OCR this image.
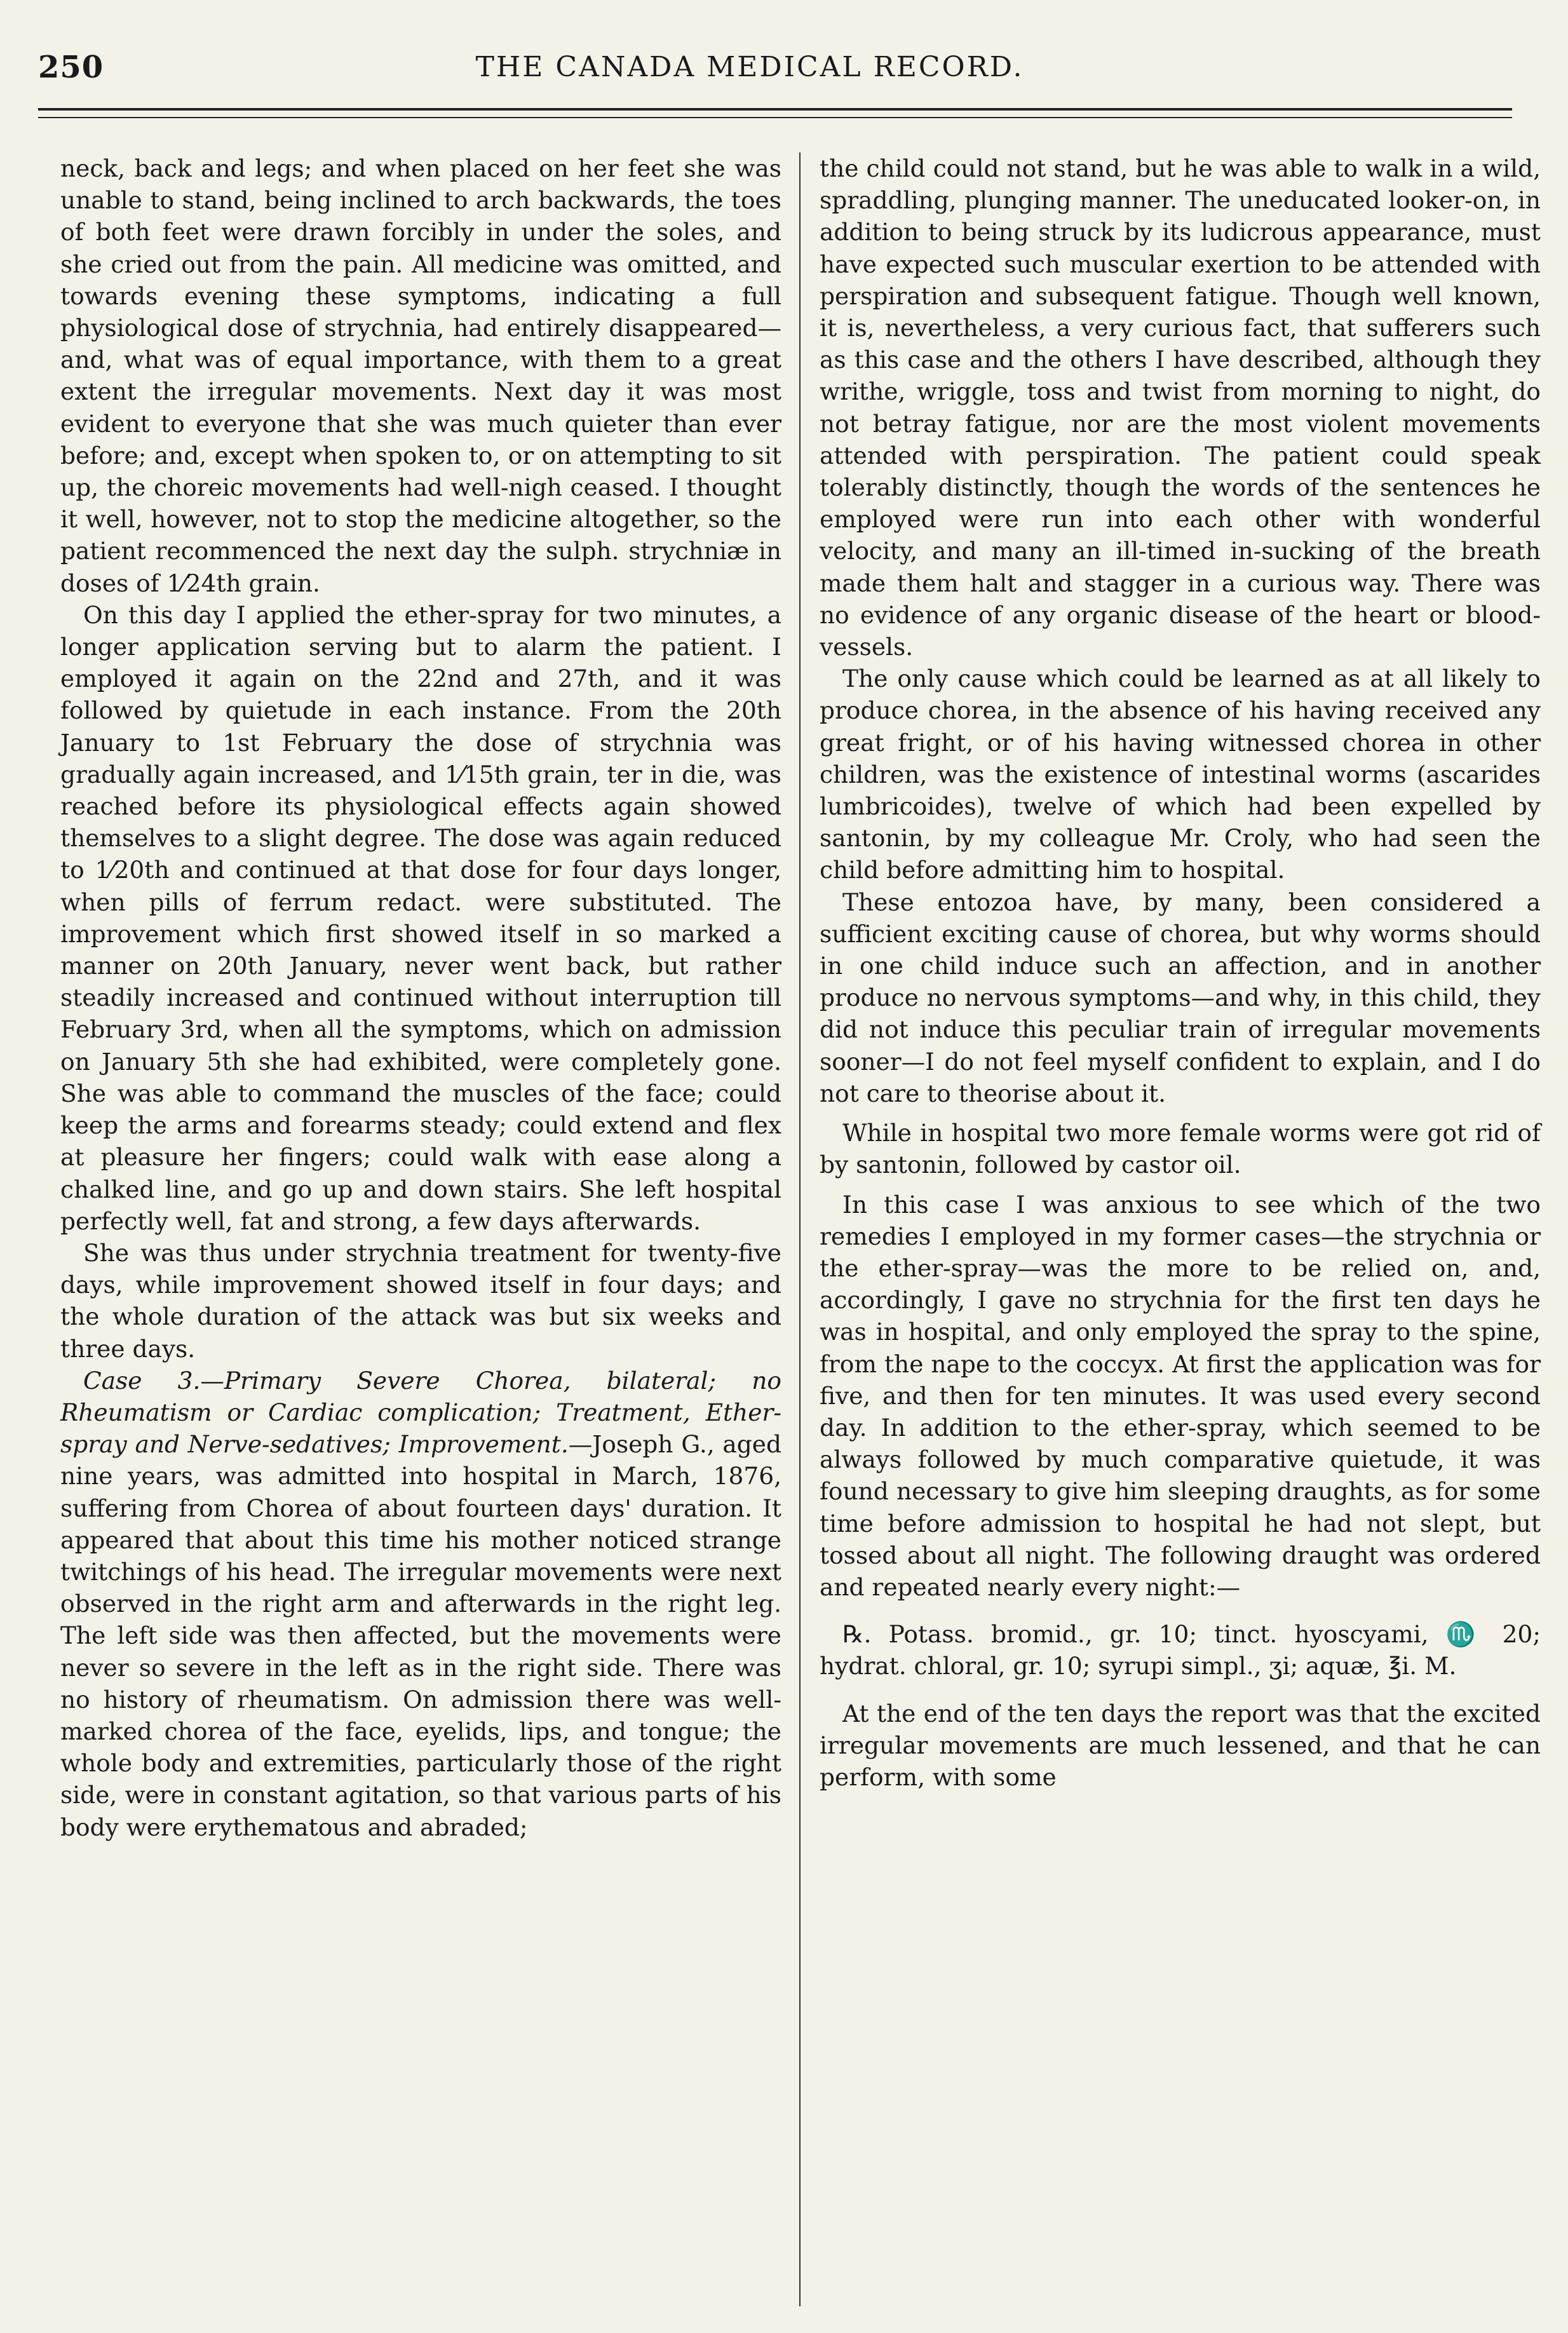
250	THE CANADA MEDICAL RECORD.

neck, back and legs; and when placed on her feet she was unable to stand, being inclined to arch backwards, the toes of both feet were drawn forcibly in under the soles, and she cried out from the pain. All medicine was omitted, and towards evening these symptoms, indicating a full physiological dose of strychnia, had entirely disappeared—and, what was of equal importance, with them to a great extent the irregular movements. Next day it was most evident to everyone that she was much quieter than ever before; and, except when spoken to, or on attempting to sit up, the choreic movements had well-nigh ceased. I thought it well, however, not to stop the medicine altogether, so the patient recommenced the next day the sulph. strychniæ in doses of 1⁄24th grain.

On this day I applied the ether-spray for two minutes, a longer application serving but to alarm the patient. I employed it again on the 22nd and 27th, and it was followed by quietude in each instance. From the 20th January to 1st February the dose of strychnia was gradually again increased, and 1⁄15th grain, ter in die, was reached before its physiological effects again showed themselves to a slight degree. The dose was again reduced to 1⁄20th and continued at that dose for four days longer, when pills of ferrum redact. were substituted. The improvement which first showed itself in so marked a manner on 20th January, never went back, but rather steadily increased and continued without interruption till February 3rd, when all the symptoms, which on admission on January 5th she had exhibited, were completely gone. She was able to command the muscles of the face; could keep the arms and forearms steady; could extend and flex at pleasure her fingers; could walk with ease along a chalked line, and go up and down stairs. She left hospital perfectly well, fat and strong, a few days afterwards.

She was thus under strychnia treatment for twenty-five days, while improvement showed itself in four days; and the whole duration of the attack was but six weeks and three days.

Case 3.—Primary Severe Chorea, bilateral; no Rheumatism or Cardiac complication; Treatment, Ether-spray and Nerve-sedatives; Improvement.—Joseph G., aged nine years, was admitted into hospital in March, 1876, suffering from Chorea of about fourteen days' duration. It appeared that about this time his mother noticed strange twitchings of his head. The irregular movements were next observed in the right arm and afterwards in the right leg. The left side was then affected, but the movements were never so severe in the left as in the right side. There was no history of rheumatism. On admission there was well-marked chorea of the face, eyelids, lips, and tongue; the whole body and extremities, particularly those of the right side, were in constant agitation, so that various parts of his body were erythematous and abraded;

the child could not stand, but he was able to walk in a wild, spraddling, plunging manner. The uneducated looker-on, in addition to being struck by its ludicrous appearance, must have expected such muscular exertion to be attended with perspiration and subsequent fatigue. Though well known, it is, nevertheless, a very curious fact, that sufferers such as this case and the others I have described, although they writhe, wriggle, toss and twist from morning to night, do not betray fatigue, nor are the most violent movements attended with perspiration. The patient could speak tolerably distinctly, though the words of the sentences he employed were run into each other with wonderful velocity, and many an ill-timed in-sucking of the breath made them halt and stagger in a curious way. There was no evidence of any organic disease of the heart or blood-vessels.

The only cause which could be learned as at all likely to produce chorea, in the absence of his having received any great fright, or of his having witnessed chorea in other children, was the existence of intestinal worms (ascarides lumbricoides), twelve of which had been expelled by santonin, by my colleague Mr. Croly, who had seen the child before admitting him to hospital.

These entozoa have, by many, been considered a sufficient exciting cause of chorea, but why worms should in one child induce such an affection, and in another produce no nervous symptoms—and why, in this child, they did not induce this peculiar train of irregular movements sooner—I do not feel myself confident to explain, and I do not care to theorise about it.

While in hospital two more female worms were got rid of by santonin, followed by castor oil.

In this case I was anxious to see which of the two remedies I employed in my former cases—the strychnia or the ether-spray—was the more to be relied on, and, accordingly, I gave no strychnia for the first ten days he was in hospital, and only employed the spray to the spine, from the nape to the coccyx. At first the application was for five, and then for ten minutes. It was used every second day. In addition to the ether-spray, which seemed to be always followed by much comparative quietude, it was found necessary to give him sleeping draughts, as for some time before admission to hospital he had not slept, but tossed about all night. The following draught was ordered and repeated nearly every night:—

℞. Potass. bromid., gr. 10; tinct. hyoscyami, ♏ 20; hydrat. chloral, gr. 10; syrupi simpl., ʒi; aquæ, ℥i. M.

At the end of the ten days the report was that the excited irregular movements are much lessened, and that he can perform, with some
